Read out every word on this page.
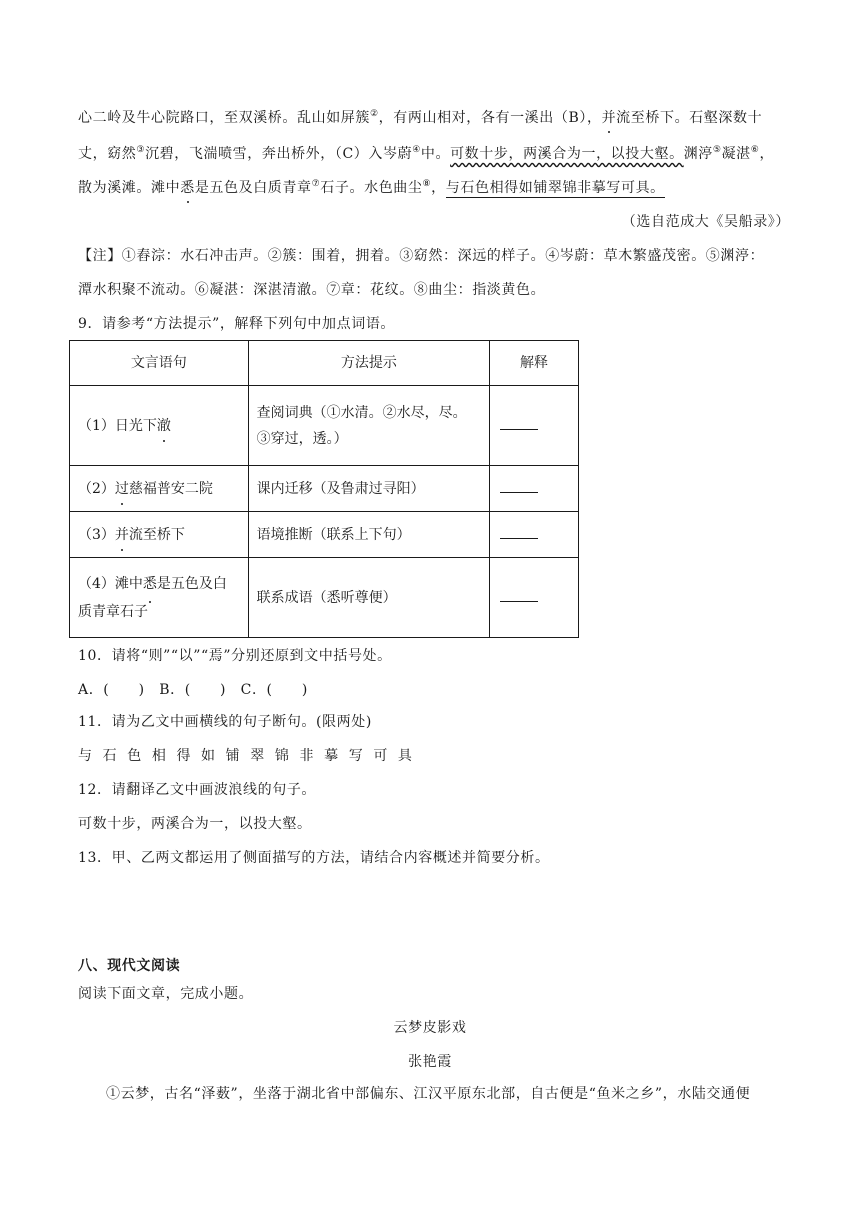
心二岭及牛心院路口，至双溪桥。乱山如屏簇②，有两山相对，各有一溪出（B），并流至桥下。石壑深数十
丈，窈然③沉碧，飞湍喷雪，奔出桥外，（C）入岑蔚④中。可数十步，两溪合为一，以投大壑。渊渟⑤凝湛⑥，
散为溪滩。滩中悉是五色及白质青章⑦石子。水色曲尘⑧，与石色相得如铺翠锦非摹写可具。
（选自范成大《吴船录》）
【注】①舂淙：水石冲击声。②簇：围着，拥着。③窈然：深远的样子。④岑蔚：草木繁盛茂密。⑤渊渟：
潭水积聚不流动。⑥凝湛：深湛清澈。⑦章：花纹。⑧曲尘：指淡黄色。
9．请参考“方法提示”，解释下列句中加点词语。
文言语句	方法提示	解释
（1）日光下澈	查阅词典（①水清。②水尽，尽。
③穿过，透。）	

（2）过慈福普安二院	课内迁移（及鲁肃过寻阳）	
（3）并流至桥下	语境推断（联系上下句）	

（4）滩中悉是五色及白
质青章石子	联系成语（悉听尊便）	
10．请将“则”“以”“焉”分别还原到文中括号处。
A．(　　)　B．(　　)　C．(　　)
11．请为乙文中画横线的句子断句。(限两处)
与 石 色 相 得 如 铺 翠 锦 非 摹 写 可 具
12．请翻译乙文中画波浪线的句子。
可数十步，两溪合为一，以投大壑。
13．甲、乙两文都运用了侧面描写的方法，请结合内容概述并简要分析。
八、现代文阅读
阅读下面文章，完成小题。
云梦皮影戏
张艳霞
①云梦，古名“泽薮”，坐落于湖北省中部偏东、江汉平原东北部，自古便是“鱼米之乡”，水陆交通便
